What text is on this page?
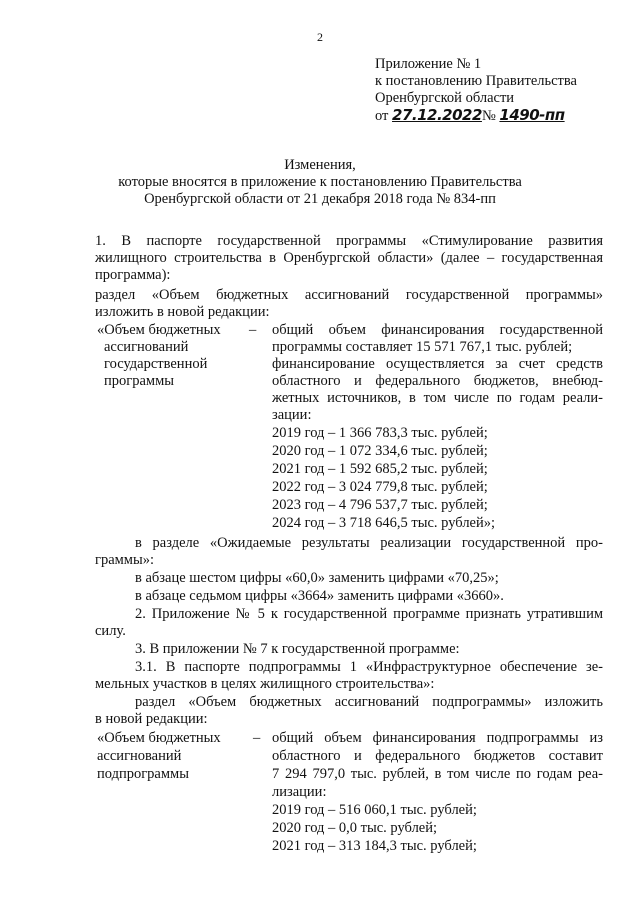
2
Приложение № 1
к постановлению Правительства
Оренбургской области
от 27.12.2022№ 1490-пп
Изменения,
которые вносятся в приложение к постановлению Правительства
Оренбургской области от 21 декабря 2018 года № 834-пп
1. В паспорте государственной программы «Стимулирование развития
жилищного строительства в Оренбургской области» (далее – государственная
программа):
раздел «Объем бюджетных ассигнований государственной программы»
изложить в новой редакции:
«Объем бюджетных
ассигнований
государственной
программы
– общий объем финансирования государственной
программы составляет 15 571 767,1 тыс. рублей;
финансирование осуществляется за счет средств
областного и федерального бюджетов, внебюд-
жетных источников, в том числе по годам реали-
зации:
2019 год – 1 366 783,3 тыс. рублей;
2020 год – 1 072 334,6 тыс. рублей;
2021 год – 1 592 685,2 тыс. рублей;
2022 год – 3 024 779,8 тыс. рублей;
2023 год – 4 796 537,7 тыс. рублей;
2024 год – 3 718 646,5 тыс. рублей»;
в разделе «Ожидаемые результаты реализации государственной про-
граммы»:
в абзаце шестом цифры «60,0» заменить цифрами «70,25»;
в абзаце седьмом цифры «3664» заменить цифрами «3660».
2. Приложение № 5 к государственной программе признать утратившим
силу.
3. В приложении № 7 к государственной программе:
3.1. В паспорте подпрограммы 1 «Инфраструктурное обеспечение зе-
мельных участков в целях жилищного строительства»:
раздел «Объем бюджетных ассигнований подпрограммы» изложить
в новой редакции:
«Объем бюджетных
ассигнований
подпрограммы
– общий объем финансирования подпрограммы из
областного и федерального бюджетов составит
7 294 797,0 тыс. рублей, в том числе по годам реа-
лизации:
2019 год – 516 060,1 тыс. рублей;
2020 год – 0,0 тыс. рублей;
2021 год – 313 184,3 тыс. рублей;
